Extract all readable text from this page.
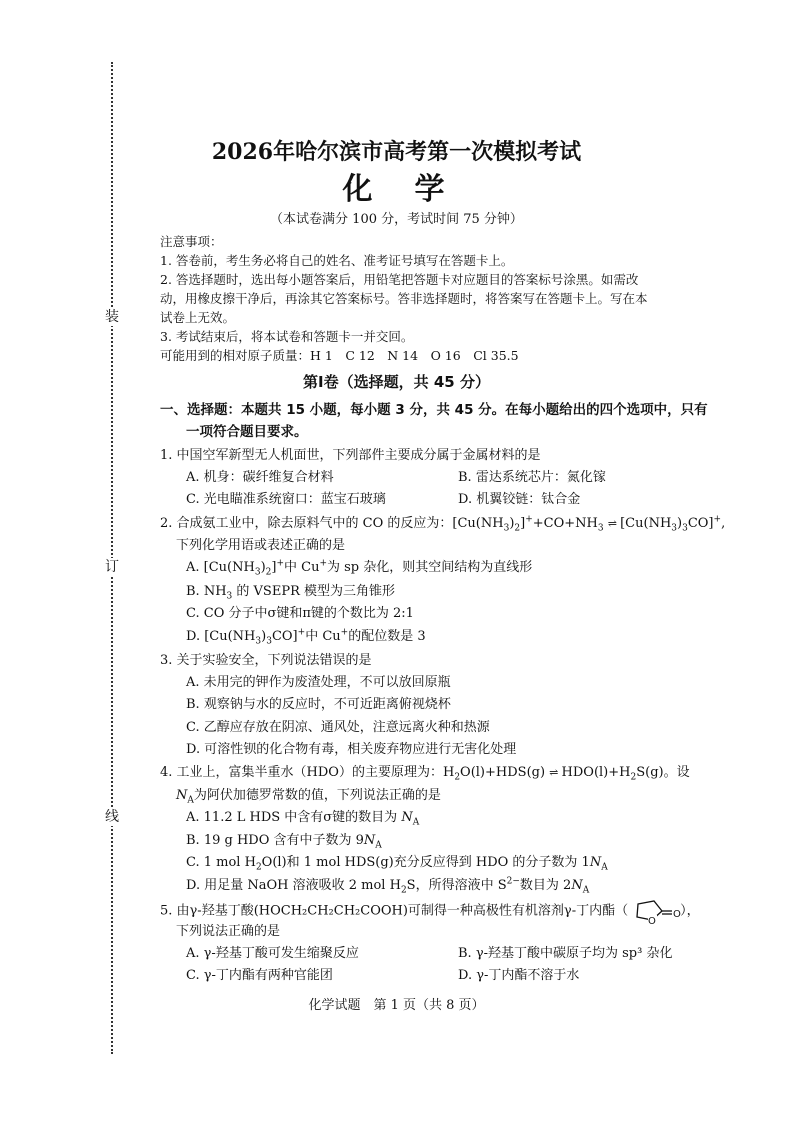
装
订
线
2026年哈尔滨市高考第一次模拟考试
化　学
（本试卷满分 100 分，考试时间 75 分钟）
注意事项：
1. 答卷前，考生务必将自己的姓名、准考证号填写在答题卡上。
2. 答选择题时，选出每小题答案后，用铅笔把答题卡对应题目的答案标号涂黑。如需改
动，用橡皮擦干净后，再涂其它答案标号。答非选择题时，将答案写在答题卡上。写在本
试卷上无效。
3. 考试结束后，将本试卷和答题卡一并交回。
可能用到的相对原子质量：H 1　C 12　N 14　O 16　Cl 35.5
第Ⅰ卷（选择题，共 45 分）
一、选择题：本题共 15 小题，每小题 3 分，共 45 分。在每小题给出的四个选项中，只有
一项符合题目要求。
1. 中国空军新型无人机面世，下列部件主要成分属于金属材料的是
A. 机身：碳纤维复合材料	B. 雷达系统芯片：氮化镓
C. 光电瞄准系统窗口：蓝宝石玻璃	D. 机翼铰链：钛合金
2. 合成氨工业中，除去原料气中的 CO 的反应为：$[Cu(NH_3)_2]^++CO+NH_3$ ⇌ $[Cu(NH_3)_3CO]^+$,
下列化学用语或表述正确的是
A. $[Cu(NH_3)_2]^+$中 Cu+为 sp 杂化，则其空间结构为直线形
B. $NH_3$ 的 VSEPR 模型为三角锥形
C. CO 分子中σ键和π键的个数比为 2:1
D. $[Cu(NH_3)_3CO]^+$中 Cu+的配位数是 3
3. 关于实验安全，下列说法错误的是
A. 未用完的钾作为废渣处理，不可以放回原瓶
B. 观察钠与水的反应时，不可近距离俯视烧杯
C. 乙醇应存放在阴凉、通风处，注意远离火种和热源
D. 可溶性钡的化合物有毒，相关废弃物应进行无害化处理
4. 工业上，富集半重水（HDO）的主要原理为：$H_2O(l)+HDS(g)$ ⇌ $HDO(l)+H_2S(g)$。设
$N_A$为阿伏加德罗常数的值，下列说法正确的是
A. 11.2 L HDS 中含有σ键的数目为 $N_A$
B. 19 g HDO 含有中子数为 $9N_A$
C. 1 mol $H_2O(l)$和 1 mol HDS(g)充分反应得到 HDO 的分子数为 $1N_A$
D. 用足量 NaOH 溶液吸收 2 mol $H_2S$，所得溶液中 $S^{2-}$数目为 $2N_A$
5. 由γ-羟基丁酸(HOCH₂CH₂CH₂COOH)可制得一种高极性有机溶剂γ-丁内酯（	O
O
），
下列说法正确的是
A. γ-羟基丁酸可发生缩聚反应	B. γ-羟基丁酸中碳原子均为 sp³ 杂化
C. γ-丁内酯有两种官能团	D. γ-丁内酯不溶于水
化学试题　第 1 页（共 8 页）
